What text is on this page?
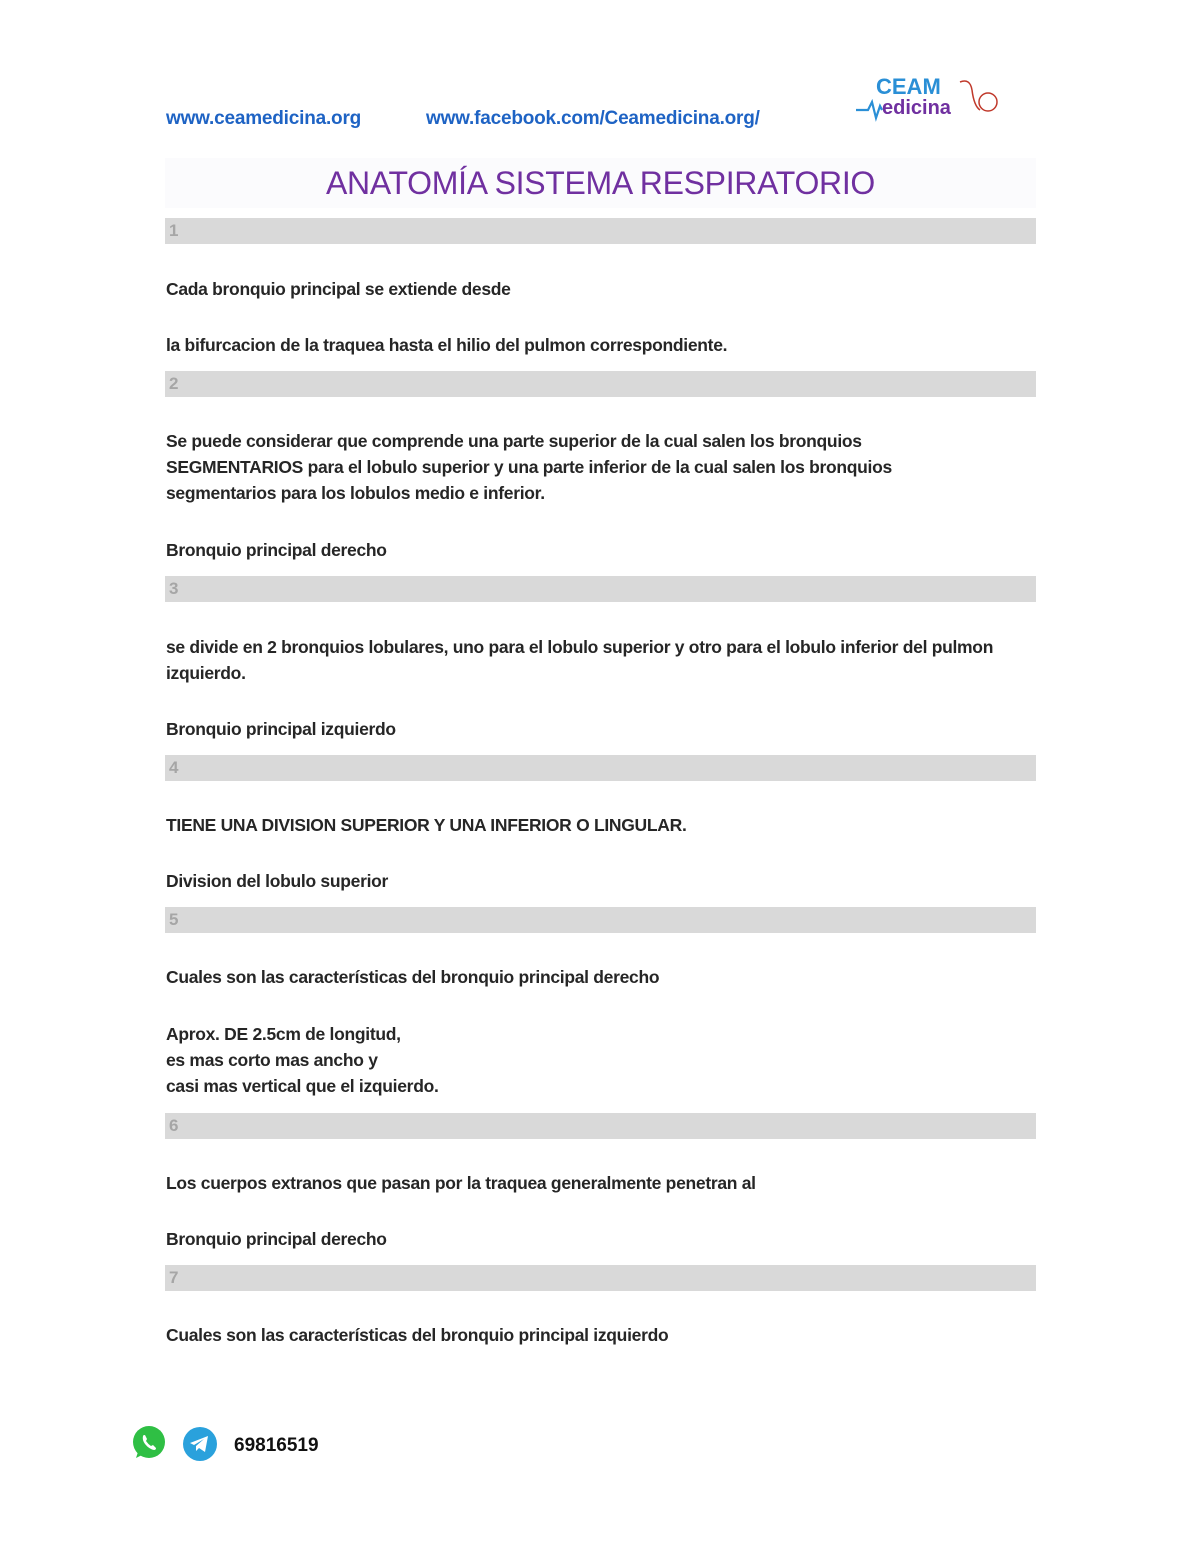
www.ceamedicina.org	www.facebook.com/Ceamedicina.org/
CEAM
edicina
ANATOMÍA SISTEMA RESPIRATORIO
1
Cada bronquio principal se extiende desde
la bifurcacion de la traquea hasta el hilio del pulmon correspondiente.
2
Se puede considerar que comprende una parte superior de la cual salen los bronquios SEGMENTARIOS para el lobulo superior y una parte inferior de la cual salen los bronquios segmentarios para los lobulos medio e inferior.
Bronquio principal derecho
3
se divide en 2 bronquios lobulares, uno para el lobulo superior y otro para el lobulo inferior del pulmon izquierdo.
Bronquio principal izquierdo
4
TIENE UNA DIVISION SUPERIOR Y UNA INFERIOR O LINGULAR.
Division del lobulo superior
5
Cuales son las características del bronquio principal derecho
Aprox. DE 2.5cm de longitud,
es mas corto mas ancho y
casi mas vertical que el izquierdo.
6
Los cuerpos extranos que pasan por la traquea generalmente penetran al
Bronquio principal derecho
7
Cuales son las características del bronquio principal izquierdo
69816519
